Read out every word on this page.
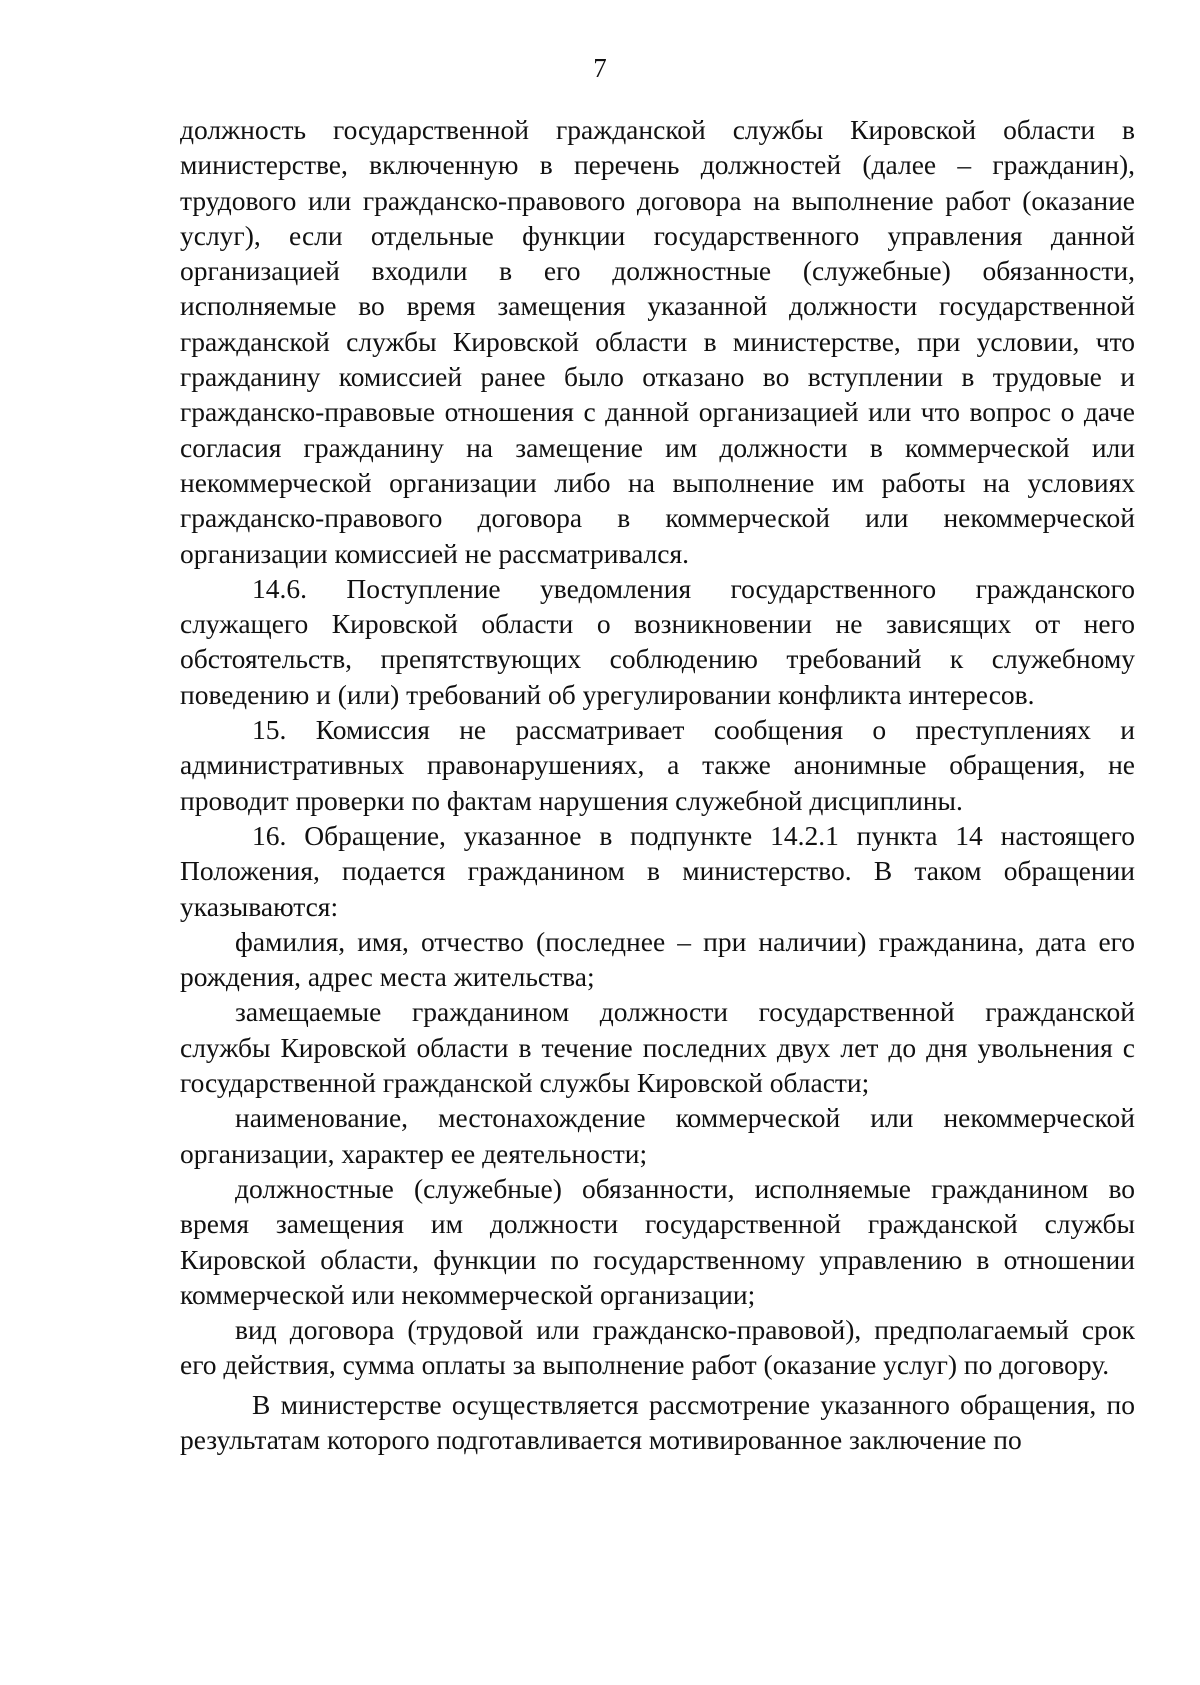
7

должность государственной гражданской службы Кировской области в министерстве, включенную в перечень должностей (далее – гражданин), трудового или гражданско-правового договора на выполнение работ (оказание услуг), если отдельные функции государственного управления данной организацией входили в его должностные (служебные) обязанности, исполняемые во время замещения указанной должности государственной гражданской службы Кировской области в министерстве, при условии, что гражданину комиссией ранее было отказано во вступлении в трудовые и гражданско-правовые отношения с данной организацией или что вопрос о даче согласия гражданину на замещение им должности в коммерческой или некоммерческой организации либо на выполнение им работы на условиях гражданско-правового договора в коммерческой или некоммерческой организации комиссией не рассматривался.

14.6. Поступление уведомления государственного гражданского служащего Кировской области о возникновении не зависящих от него обстоятельств, препятствующих соблюдению требований к служебному поведению и (или) требований об урегулировании конфликта интересов.

15. Комиссия не рассматривает сообщения о преступлениях и административных правонарушениях, а также анонимные обращения, не проводит проверки по фактам нарушения служебной дисциплины.

16. Обращение, указанное в подпункте 14.2.1 пункта 14 настоящего Положения, подается гражданином в министерство. В таком обращении указываются:

фамилия, имя, отчество (последнее – при наличии) гражданина, дата его рождения, адрес места жительства;

замещаемые гражданином должности государственной гражданской службы Кировской области в течение последних двух лет до дня увольнения с государственной гражданской службы Кировской области;

наименование, местонахождение коммерческой или некоммерческой организации, характер ее деятельности;

должностные (служебные) обязанности, исполняемые гражданином во время замещения им должности государственной гражданской службы Кировской области, функции по государственному управлению в отношении коммерческой или некоммерческой организации;

вид договора (трудовой или гражданско-правовой), предполагаемый срок его действия, сумма оплаты за выполнение работ (оказание услуг) по договору.

В министерстве осуществляется рассмотрение указанного обращения, по результатам которого подготавливается мотивированное заключение по
